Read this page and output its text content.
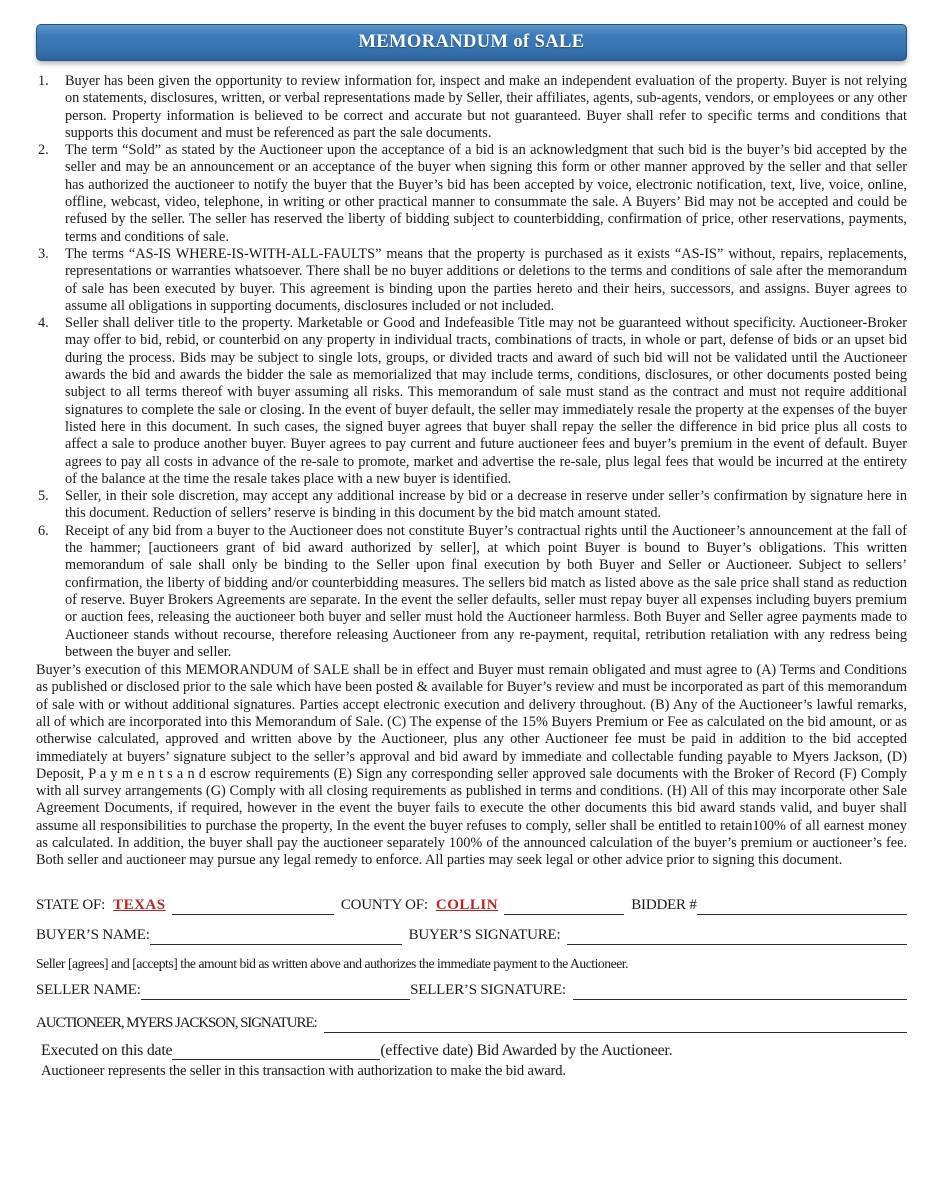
MEMORANDUM of SALE
1.	Buyer has been given the opportunity to review information for, inspect and make an independent evaluation of the property. Buyer is not relying on statements, disclosures, written, or verbal representations made by Seller, their affiliates, agents, sub-agents, vendors, or employees or any other person. Property information is believed to be correct and accurate but not guaranteed. Buyer shall refer to specific terms and conditions that supports this document and must be referenced as part the sale documents.
2.	The term “Sold” as stated by the Auctioneer upon the acceptance of a bid is an acknowledgment that such bid is the buyer’s bid accepted by the seller and may be an announcement or an acceptance of the buyer when signing this form or other manner approved by the seller and that seller has authorized the auctioneer to notify the buyer that the Buyer’s bid has been accepted by voice, electronic notification, text, live, voice, online, offline, webcast, video, telephone, in writing or other practical manner to consummate the sale. A Buyers’ Bid may not be accepted and could be refused by the seller. The seller has reserved the liberty of bidding subject to counterbidding, confirmation of price, other reservations, payments, terms and conditions of sale.
3.	The terms “AS-IS WHERE-IS-WITH-ALL-FAULTS” means that the property is purchased as it exists “AS-IS” without, repairs, replacements, representations or warranties whatsoever. There shall be no buyer additions or deletions to the terms and conditions of sale after the memorandum of sale has been executed by buyer. This agreement is binding upon the parties hereto and their heirs, successors, and assigns. Buyer agrees to assume all obligations in supporting documents, disclosures included or not included.
4.	Seller shall deliver title to the property. Marketable or Good and Indefeasible Title may not be guaranteed without specificity. Auctioneer-Broker may offer to bid, rebid, or counterbid on any property in individual tracts, combinations of tracts, in whole or part, defense of bids or an upset bid during the process. Bids may be subject to single lots, groups, or divided tracts and award of such bid will not be validated until the Auctioneer awards the bid and awards the bidder the sale as memorialized that may include terms, conditions, disclosures, or other documents posted being subject to all terms thereof with buyer assuming all risks. This memorandum of sale must stand as the contract and must not require additional signatures to complete the sale or closing. In the event of buyer default, the seller may immediately resale the property at the expenses of the buyer listed here in this document. In such cases, the signed buyer agrees that buyer shall repay the seller the difference in bid price plus all costs to affect a sale to produce another buyer. Buyer agrees to pay current and future auctioneer fees and buyer’s premium in the event of default. Buyer agrees to pay all costs in advance of the re-sale to promote, market and advertise the re-sale, plus legal fees that would be incurred at the entirety of the balance at the time the resale takes place with a new buyer is identified.
5.	Seller, in their sole discretion, may accept any additional increase by bid or a decrease in reserve under seller’s confirmation by signature here in this document. Reduction of sellers’ reserve is binding in this document by the bid match amount stated.
6.	Receipt of any bid from a buyer to the Auctioneer does not constitute Buyer’s contractual rights until the Auctioneer’s announcement at the fall of the hammer; [auctioneers grant of bid award authorized by seller], at which point Buyer is bound to Buyer’s obligations. This written memorandum of sale shall only be binding to the Seller upon final execution by both Buyer and Seller or Auctioneer. Subject to sellers’ confirmation, the liberty of bidding and/or counterbidding measures. The sellers bid match as listed above as the sale price shall stand as reduction of reserve. Buyer Brokers Agreements are separate. In the event the seller defaults, seller must repay buyer all expenses including buyers premium or auction fees, releasing the auctioneer both buyer and seller must hold the Auctioneer harmless. Both Buyer and Seller agree payments made to Auctioneer stands without recourse, therefore releasing Auctioneer from any re-payment, requital, retribution retaliation with any redress being between the buyer and seller.
Buyer’s execution of this MEMORANDUM of SALE shall be in effect and Buyer must remain obligated and must agree to (A) Terms and Conditions as published or disclosed prior to the sale which have been posted & available for Buyer’s review and must be incorporated as part of this memorandum of sale with or without additional signatures. Parties accept electronic execution and delivery throughout. (B) Any of the Auctioneer’s lawful remarks, all of which are incorporated into this Memorandum of Sale. (C) The expense of the 15% Buyers Premium or Fee as calculated on the bid amount, or as otherwise calculated, approved and written above by the Auctioneer, plus any other Auctioneer fee must be paid in addition to the bid accepted immediately at buyers’ signature subject to the seller’s approval and bid award by immediate and collectable funding payable to Myers Jackson, (D) Deposit, P a y m e n t s a n d escrow requirements (E) Sign any corresponding seller approved sale documents with the Broker of Record (F) Comply with all survey arrangements (G) Comply with all closing requirements as published in terms and conditions. (H) All of this may incorporate other Sale Agreement Documents, if required, however in the event the buyer fails to execute the other documents this bid award stands valid, and buyer shall assume all responsibilities to purchase the property, In the event the buyer refuses to comply, seller shall be entitled to retain100% of all earnest money as calculated. In addition, the buyer shall pay the auctioneer separately 100% of the announced calculation of the buyer’s premium or auctioneer’s fee. Both seller and auctioneer may pursue any legal remedy to enforce. All parties may seek legal or other advice prior to signing this document.
STATE OF: TEXAS	COUNTY OF: COLLIN	BIDDER #
BUYER’S NAME:	BUYER’S SIGNATURE:
Seller [agrees] and [accepts] the amount bid as written above and authorizes the immediate payment to the Auctioneer.
SELLER NAME:	SELLER’S SIGNATURE:
AUCTIONEER, MYERS JACKSON, SIGNATURE:
Executed on this date	(effective date) Bid Awarded by the Auctioneer.
Auctioneer represents the seller in this transaction with authorization to make the bid award.
